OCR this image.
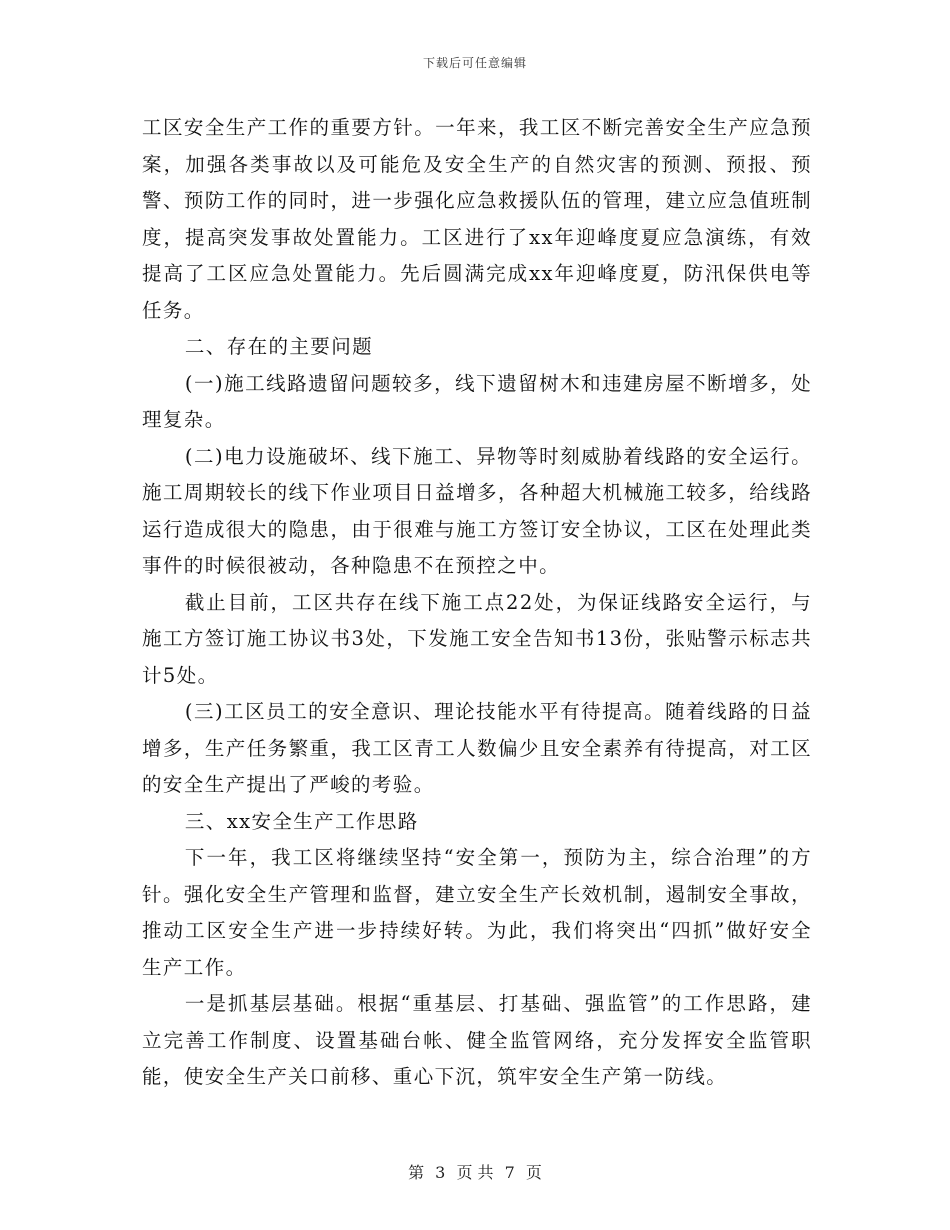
下载后可任意编辑

工区安全生产工作的重要方针。一年来，我工区不断完善安全生产应急预案，加强各类事故以及可能危及安全生产的自然灾害的预测、预报、预警、预防工作的同时，进一步强化应急救援队伍的管理，建立应急值班制度，提高突发事故处置能力。工区进行了xx年迎峰度夏应急演练，有效提高了工区应急处置能力。先后圆满完成xx年迎峰度夏，防汛保供电等任务。

二、存在的主要问题

(一)施工线路遗留问题较多，线下遗留树木和违建房屋不断增多，处理复杂。

(二)电力设施破坏、线下施工、异物等时刻威胁着线路的安全运行。施工周期较长的线下作业项目日益增多，各种超大机械施工较多，给线路运行造成很大的隐患，由于很难与施工方签订安全协议，工区在处理此类事件的时候很被动，各种隐患不在预控之中。

截止目前，工区共存在线下施工点22处，为保证线路安全运行，与施工方签订施工协议书3处，下发施工安全告知书13份，张贴警示标志共计5处。

(三)工区员工的安全意识、理论技能水平有待提高。随着线路的日益增多，生产任务繁重，我工区青工人数偏少且安全素养有待提高，对工区的安全生产提出了严峻的考验。

三、xx安全生产工作思路

下一年，我工区将继续坚持“安全第一，预防为主，综合治理”的方针。强化安全生产管理和监督，建立安全生产长效机制，遏制安全事故，推动工区安全生产进一步持续好转。为此，我们将突出“四抓”做好安全生产工作。

一是抓基层基础。根据“重基层、打基础、强监管”的工作思路，建立完善工作制度、设置基础台帐、健全监管网络，充分发挥安全监管职能，使安全生产关口前移、重心下沉，筑牢安全生产第一防线。

第 3 页 共 7 页
